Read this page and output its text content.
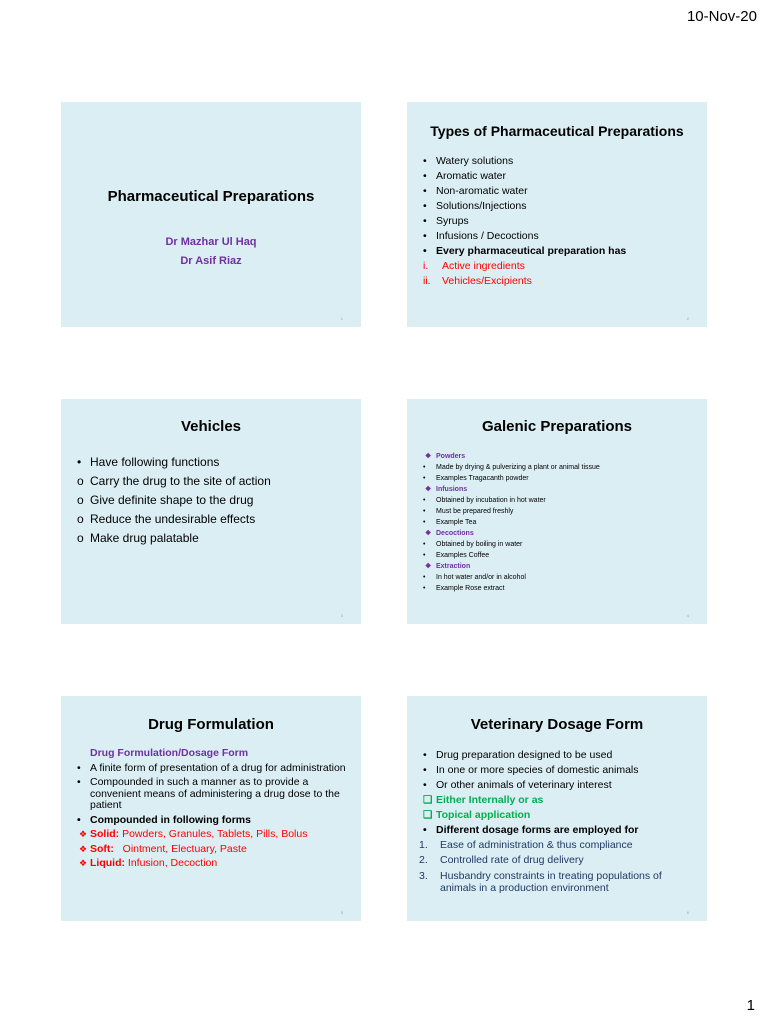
10-Nov-20
Pharmaceutical Preparations
Dr Mazhar Ul Haq
Dr Asif Riaz
1
Types of Pharmaceutical Preparations
• Watery solutions
• Aromatic water
• Non-aromatic water
• Solutions/Injections
• Syrups
• Infusions / Decoctions
• Every pharmaceutical preparation has
i. Active ingredients
ii. Vehicles/Excipients
2
Vehicles
• Have following functions
o Carry the drug to the site of action
o Give definite shape to the drug
o Reduce the undesirable effects
o Make drug palatable
3
Galenic Preparations
❖ Powders
• Made by drying & pulverizing a plant or animal tissue
• Examples Tragacanth powder
❖ Infusions
• Obtained by incubation in hot water
• Must be prepared freshly
• Example Tea
❖ Decoctions
• Obtained by boiling in water
• Examples Coffee
❖ Extraction
• In hot water and/or in alcohol
• Example Rose extract
4
Drug Formulation
Drug Formulation/Dosage Form
• A finite form of presentation of a drug for administration
• Compounded in such a manner as to provide a convenient means of administering a drug dose to the patient
• Compounded in following forms
❖ Solid: Powders, Granules, Tablets, Pills, Bolus
❖ Soft:   Ointment, Electuary, Paste
❖ Liquid: Infusion, Decoction
5
Veterinary Dosage Form
• Drug preparation designed to be used
• In one or more species of domestic animals
• Or other animals of veterinary interest
❑ Either Internally or as
❑ Topical application
• Different dosage forms are employed for
1. Ease of administration & thus compliance
2. Controlled rate of drug delivery
3.	Husbandry constraints in treating populations of animals in a production environment
6
1
